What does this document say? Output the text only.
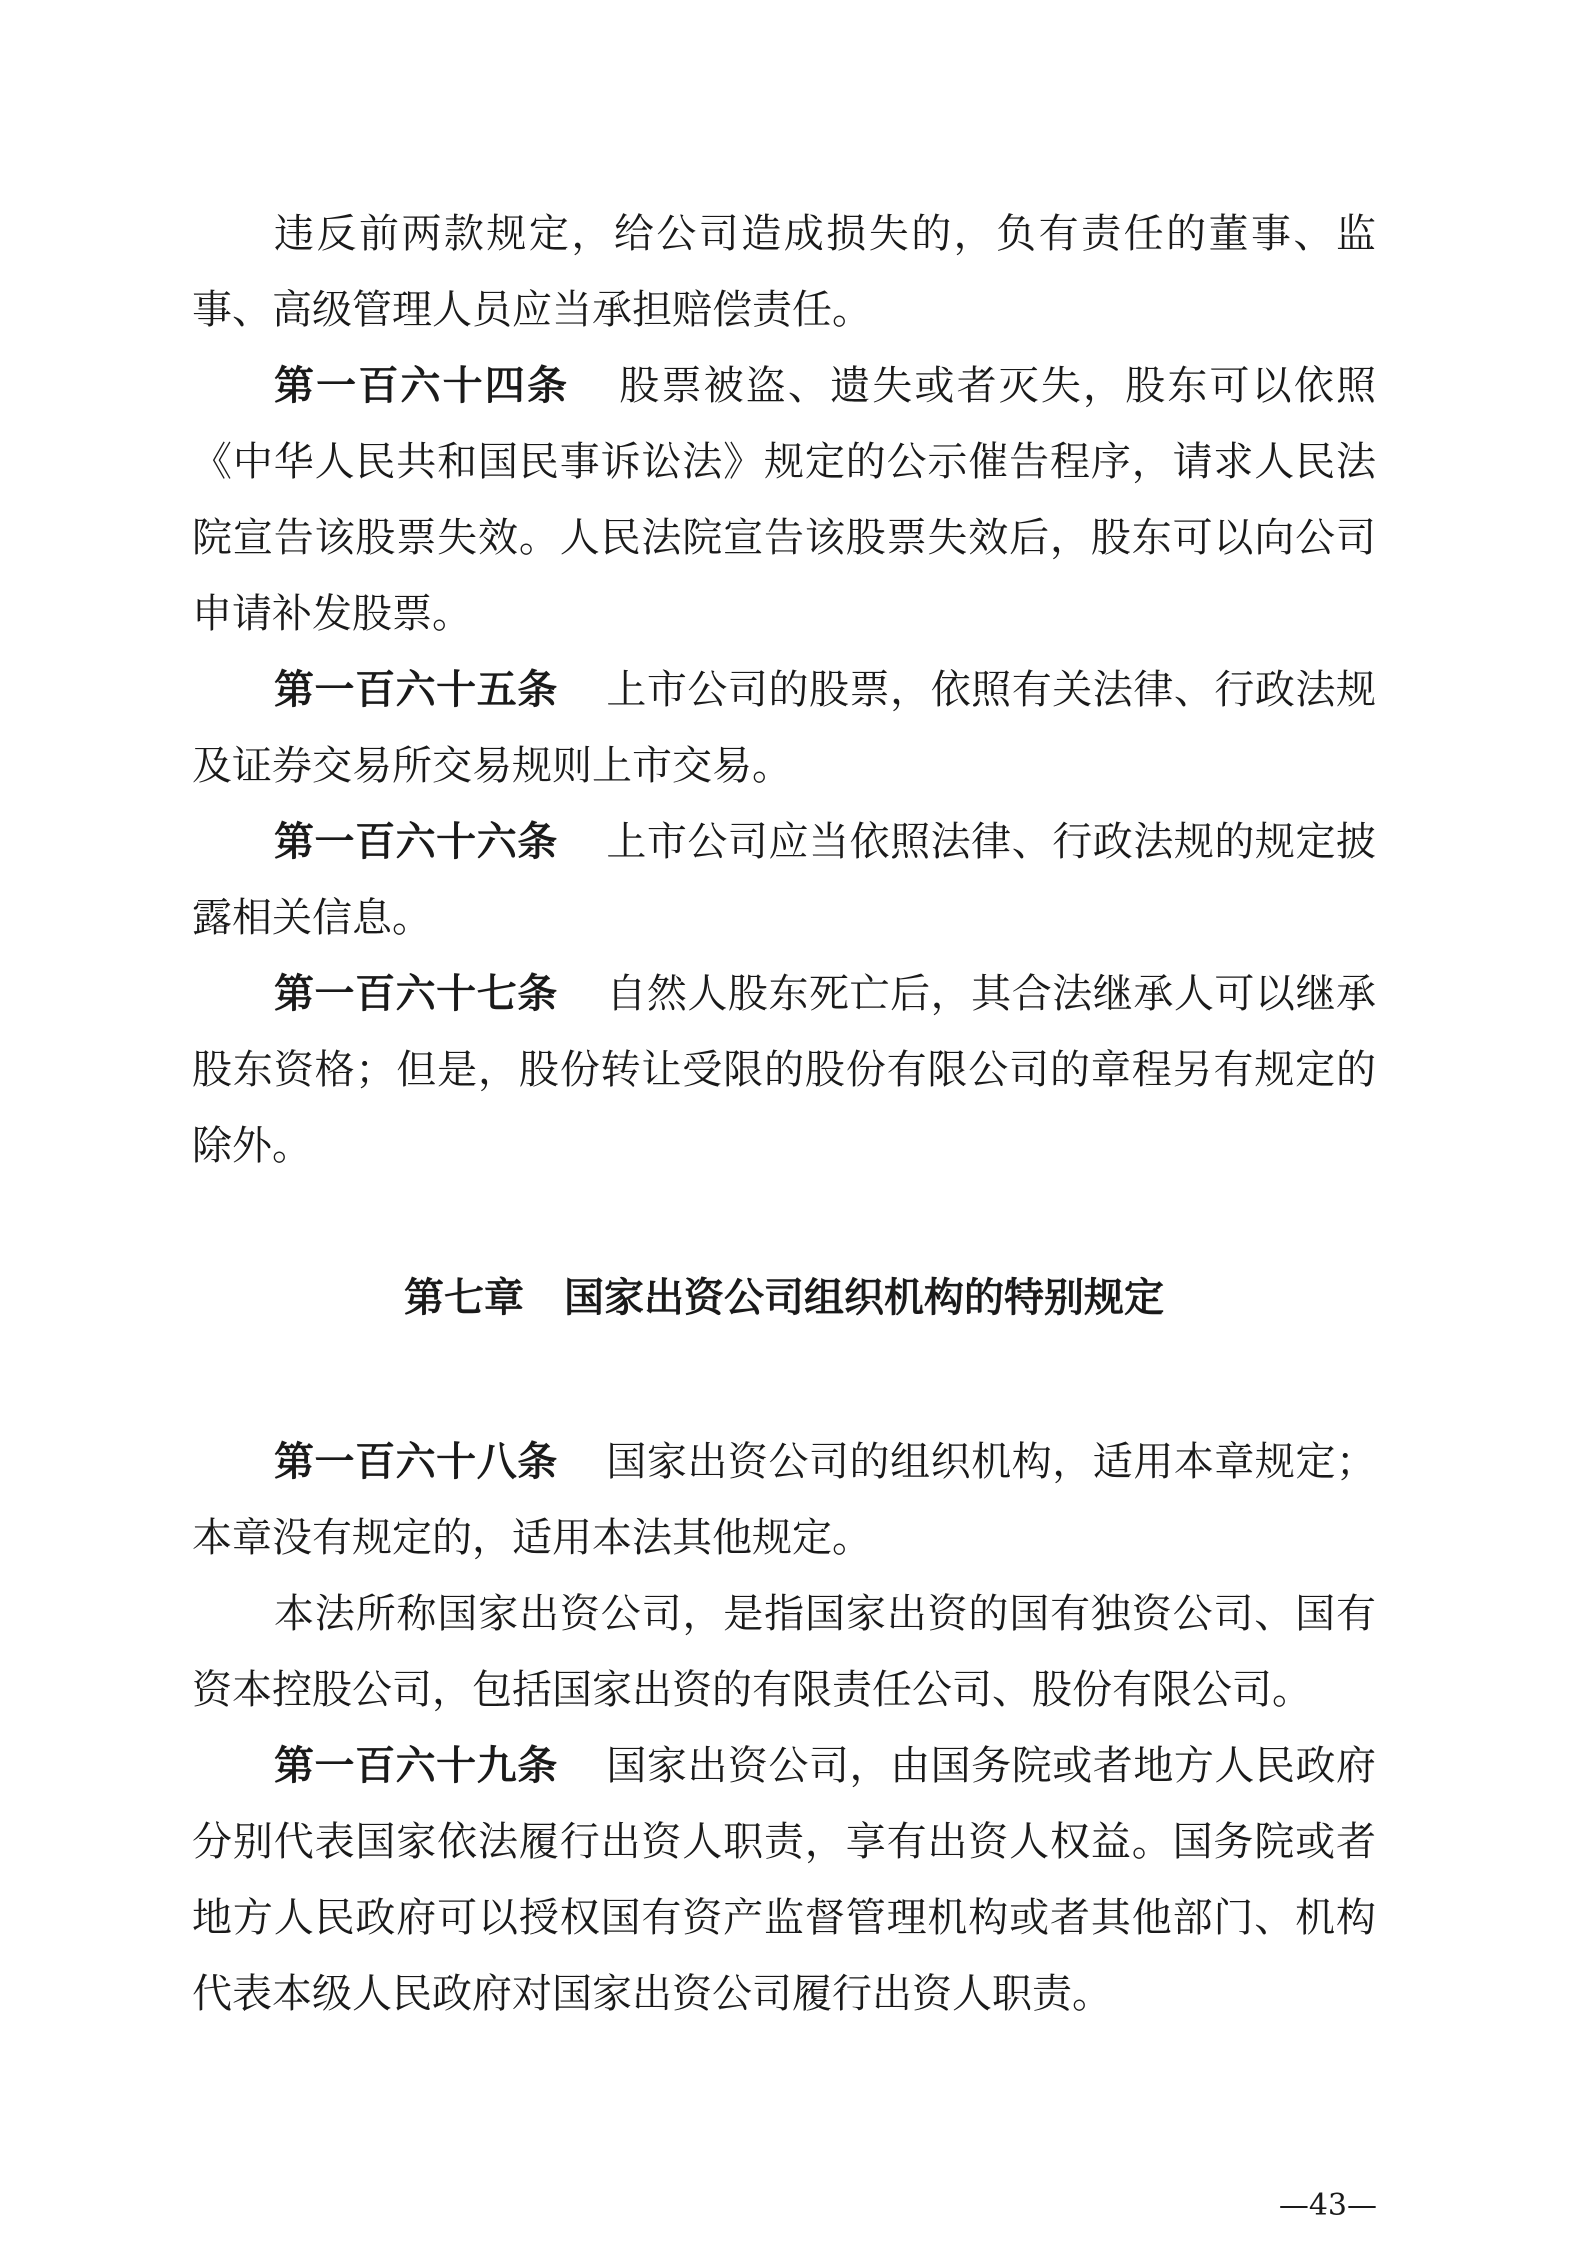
违反前两款规定，给公司造成损失的，负有责任的董事、监事、高级管理人员应当承担赔偿责任。

第一百六十四条 股票被盗、遗失或者灭失，股东可以依照《中华人民共和国民事诉讼法》规定的公示催告程序，请求人民法院宣告该股票失效。人民法院宣告该股票失效后，股东可以向公司申请补发股票。

第一百六十五条 上市公司的股票，依照有关法律、行政法规及证券交易所交易规则上市交易。

第一百六十六条 上市公司应当依照法律、行政法规的规定披露相关信息。

第一百六十七条 自然人股东死亡后，其合法继承人可以继承股东资格；但是，股份转让受限的股份有限公司的章程另有规定的除外。

第七章 国家出资公司组织机构的特别规定

第一百六十八条 国家出资公司的组织机构，适用本章规定；本章没有规定的，适用本法其他规定。

本法所称国家出资公司，是指国家出资的国有独资公司、国有资本控股公司，包括国家出资的有限责任公司、股份有限公司。

第一百六十九条 国家出资公司，由国务院或者地方人民政府分别代表国家依法履行出资人职责，享有出资人权益。国务院或者地方人民政府可以授权国有资产监督管理机构或者其他部门、机构代表本级人民政府对国家出资公司履行出资人职责。

—43—
